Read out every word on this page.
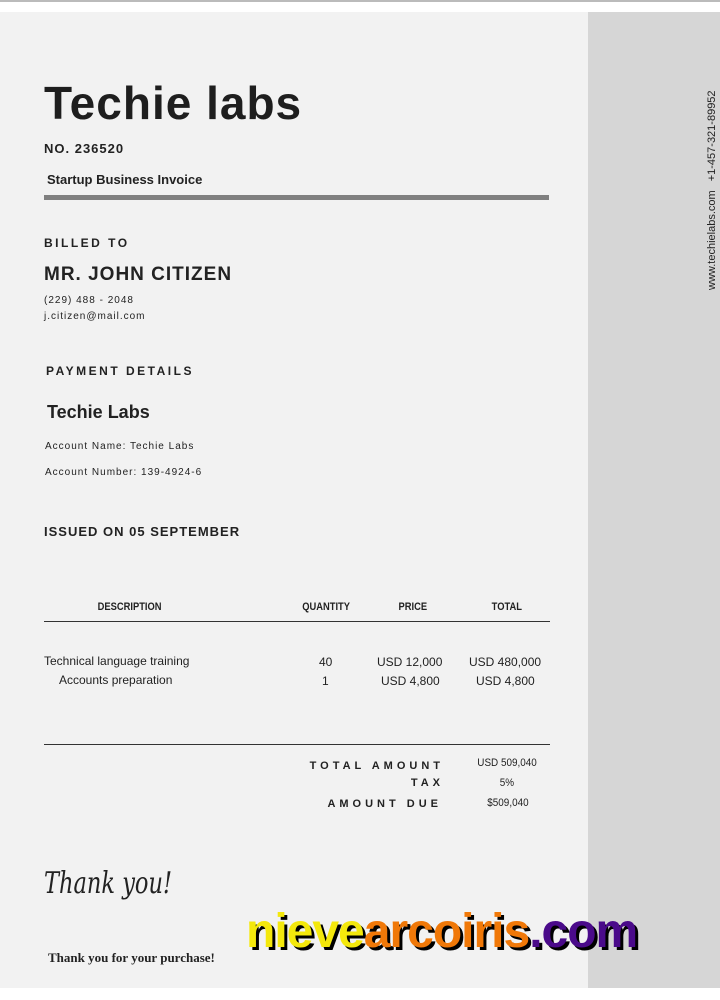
www.techielabs.com +1-457-321-89952
Techie labs
NO. 236520
Startup Business Invoice
BILLED TO
MR. JOHN CITIZEN
(229) 488 - 2048
j.citizen@mail.com
PAYMENT DETAILS
Techie Labs
Account Name: Techie Labs
Account Number: 139-4924-6
ISSUED ON 05 SEPTEMBER
DESCRIPTION	QUANTITY	PRICE	TOTAL
Technical language training	40	USD 12,000 USD 480,000
Accounts preparation	1	USD 4,800	USD 4,800
TOTAL AMOUNT	USD 509,040
TAX	5%
AMOUNT DUE	$509,040
Thank you!
Thank you for your purchase! nievearcoiris.com
